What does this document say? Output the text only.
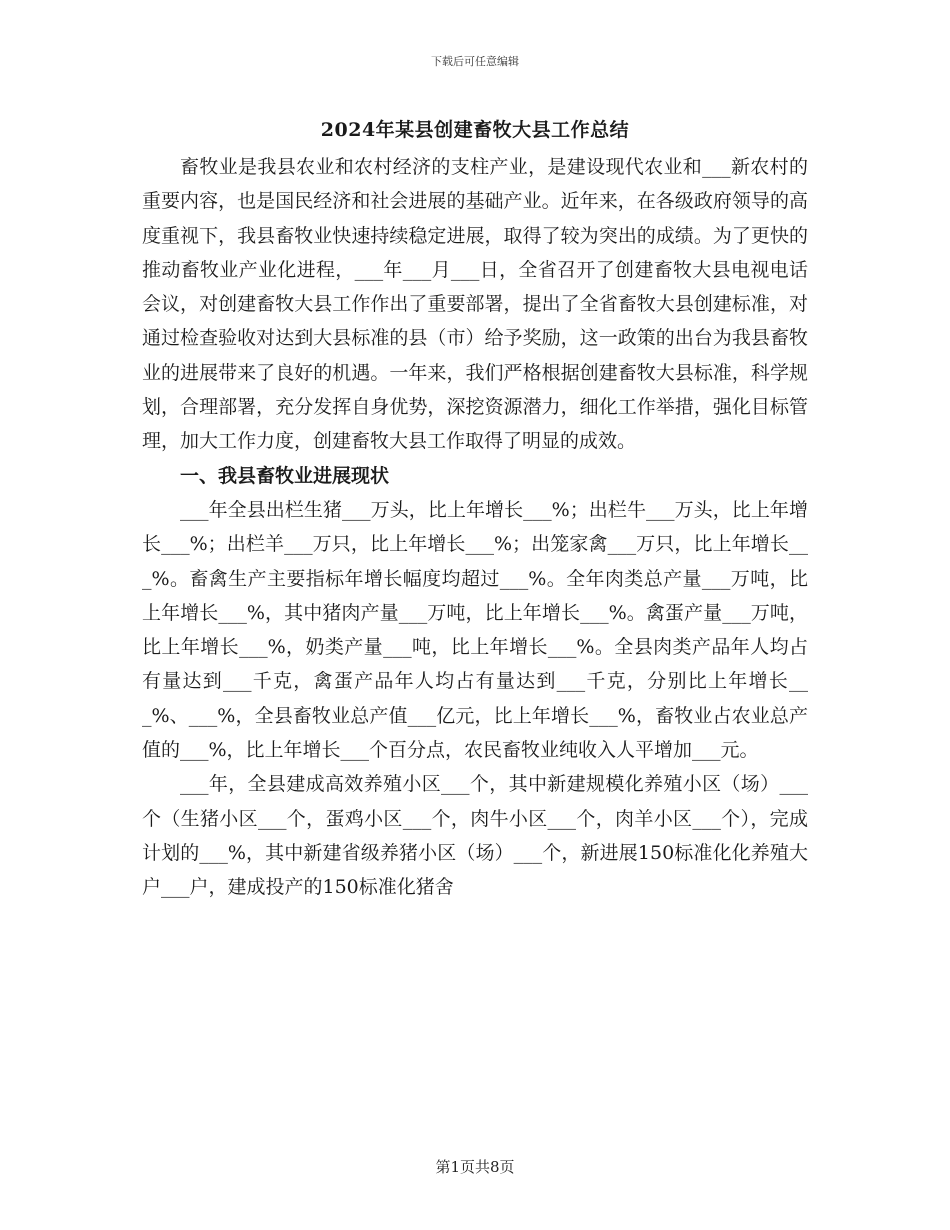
下载后可任意编辑
2024年某县创建畜牧大县工作总结

畜牧业是我县农业和农村经济的支柱产业，是建设现代农业和___新农村的重要内容，也是国民经济和社会进展的基础产业。近年来，在各级政府领导的高度重视下，我县畜牧业快速持续稳定进展，取得了较为突出的成绩。为了更快的推动畜牧业产业化进程，___年___月___日，全省召开了创建畜牧大县电视电话会议，对创建畜牧大县工作作出了重要部署，提出了全省畜牧大县创建标准，对通过检查验收对达到大县标准的县（市）给予奖励，这一政策的出台为我县畜牧业的进展带来了良好的机遇。一年来，我们严格根据创建畜牧大县标准，科学规划，合理部署，充分发挥自身优势，深挖资源潜力，细化工作举措，强化目标管理，加大工作力度，创建畜牧大县工作取得了明显的成效。

一、我县畜牧业进展现状

___年全县出栏生猪___万头，比上年增长___%；出栏牛___万头，比上年增长___%；出栏羊___万只，比上年增长___%；出笼家禽___万只，比上年增长___%。畜禽生产主要指标年增长幅度均超过___%。全年肉类总产量___万吨，比上年增长___%，其中猪肉产量___万吨，比上年增长___%。禽蛋产量___万吨，比上年增长___%，奶类产量___吨，比上年增长___%。全县肉类产品年人均占有量达到___千克，禽蛋产品年人均占有量达到___千克，分别比上年增长___%、___%，全县畜牧业总产值___亿元，比上年增长___%，畜牧业占农业总产值的___%，比上年增长___个百分点，农民畜牧业纯收入人平增加___元。

___年，全县建成高效养殖小区___个，其中新建规模化养殖小区（场）___个（生猪小区___个，蛋鸡小区___个，肉牛小区___个，肉羊小区___个），完成计划的___%，其中新建省级养猪小区（场）___个，新进展150标准化化养殖大户___户，建成投产的150标准化猪舍

第1页共8页
